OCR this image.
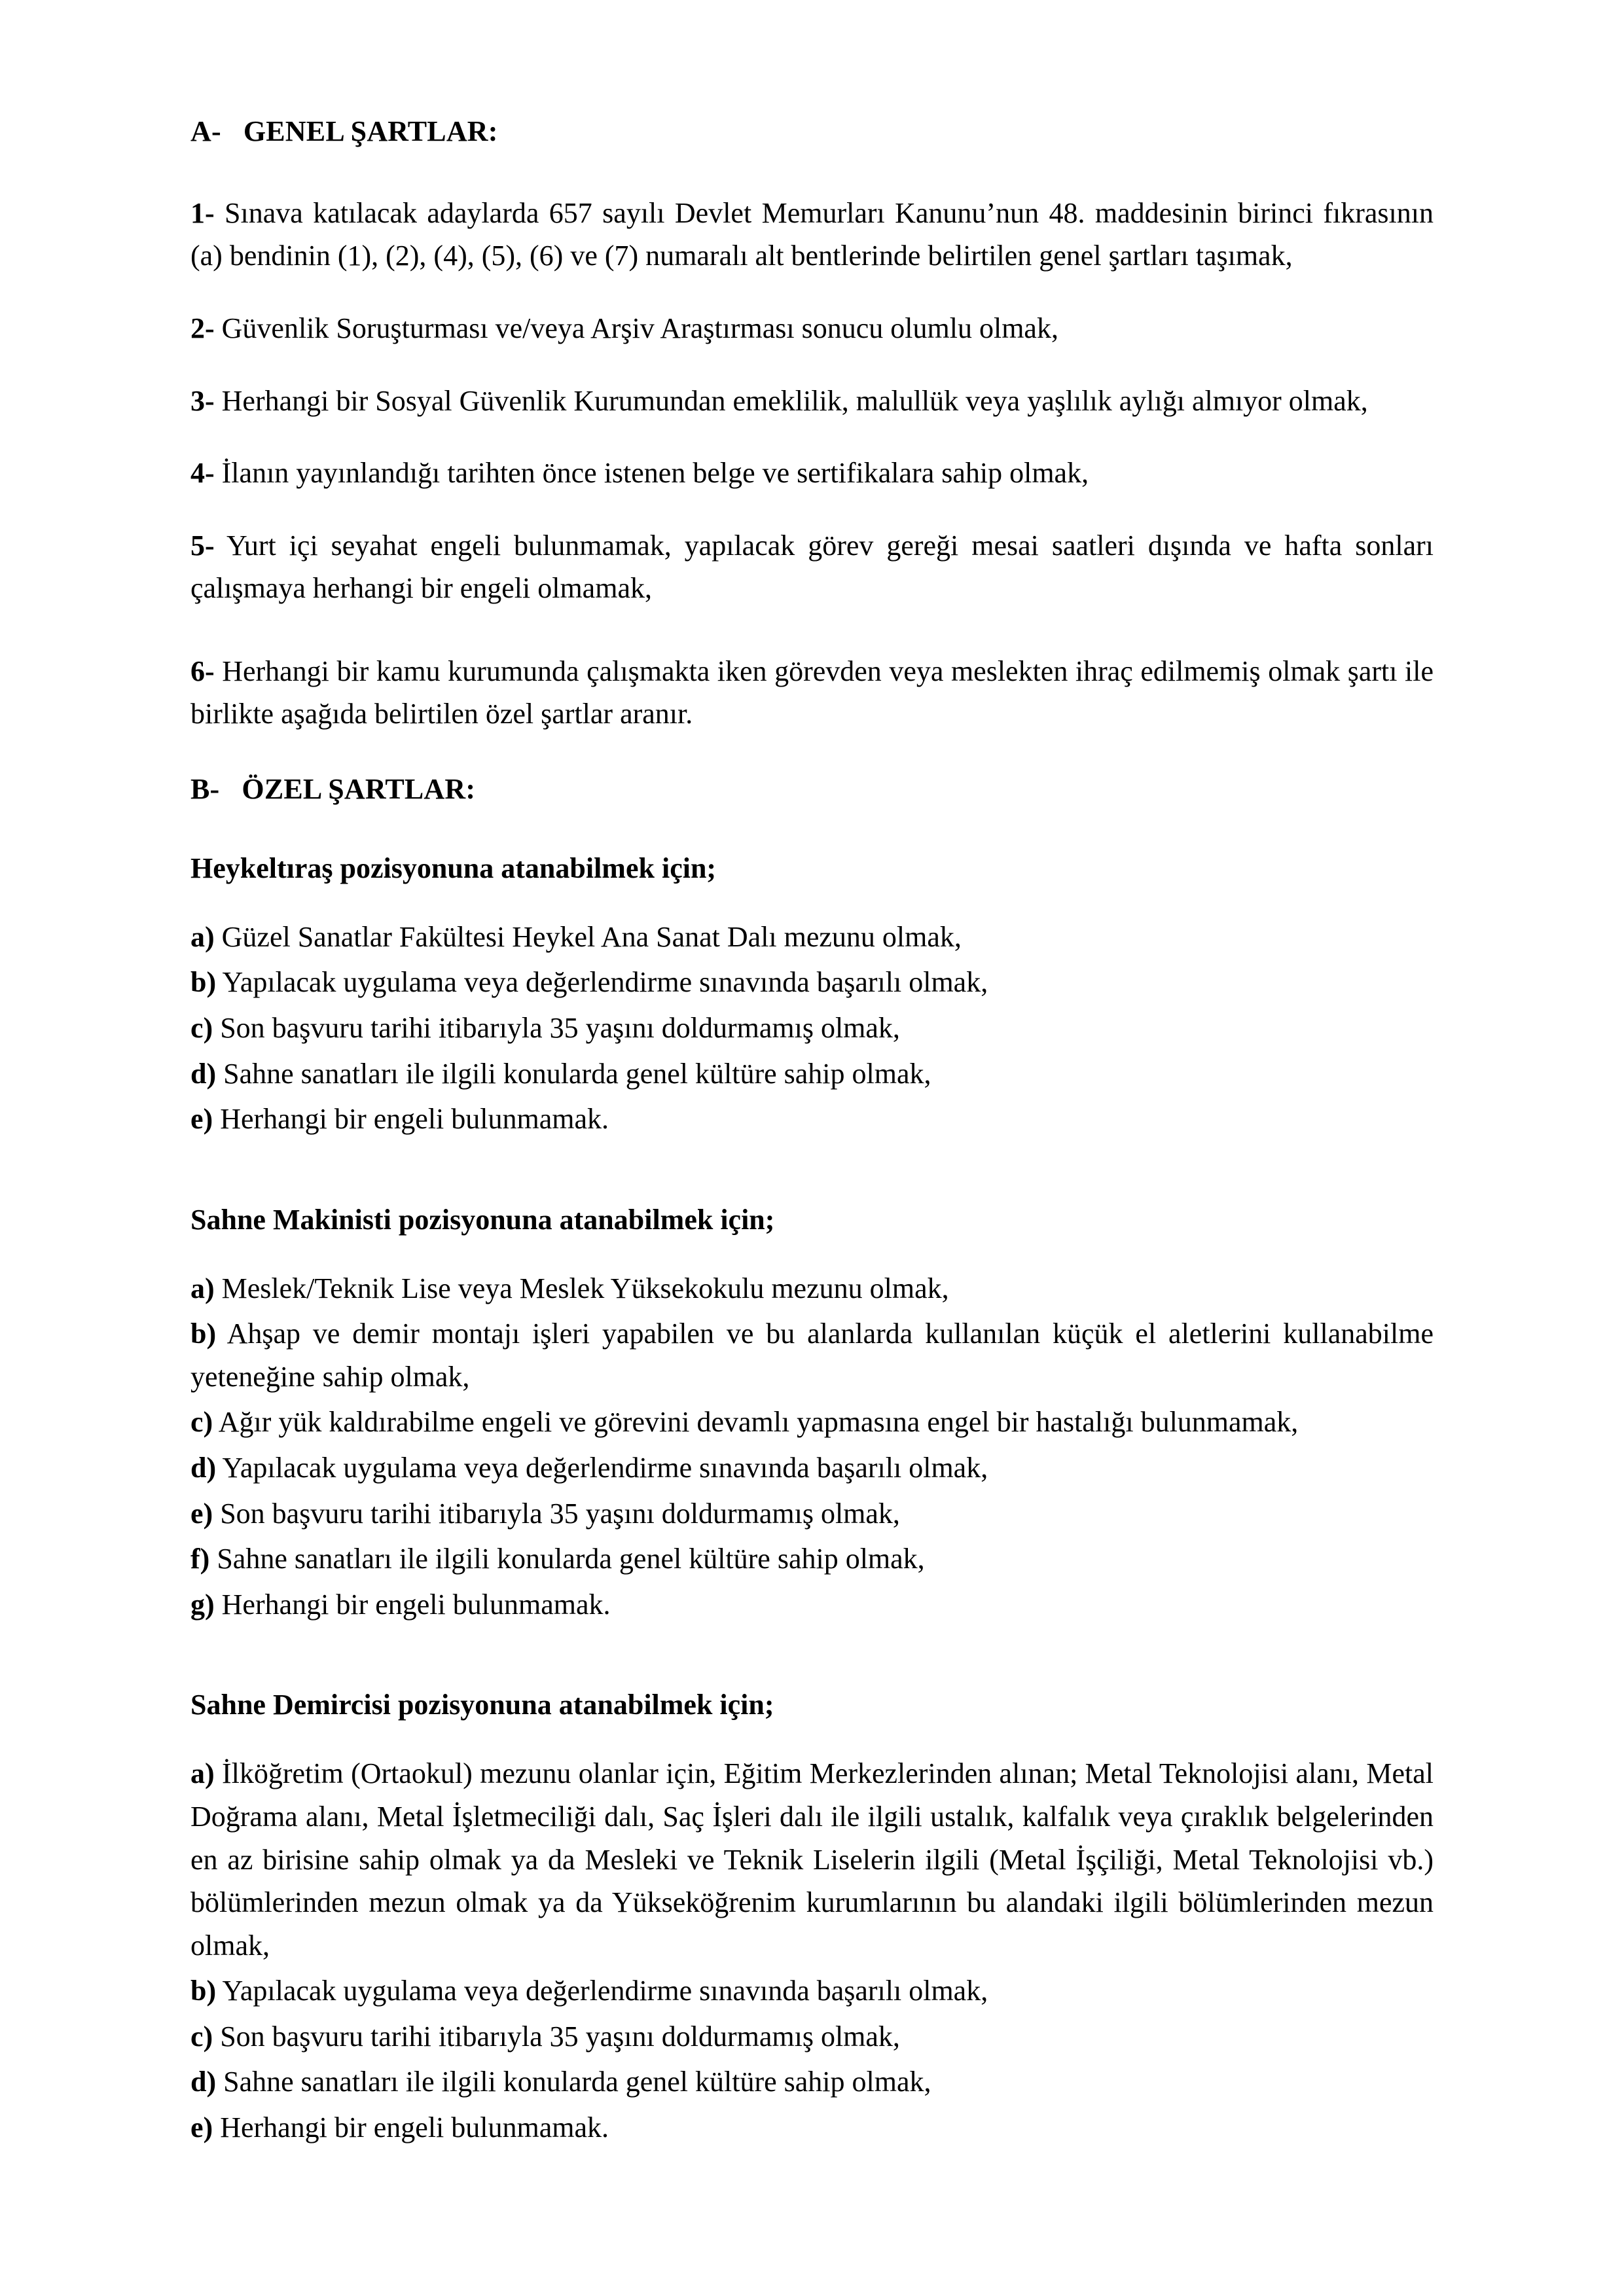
A- GENEL ŞARTLAR:

1- Sınava katılacak adaylarda 657 sayılı Devlet Memurları Kanunu’nun 48. maddesinin birinci fıkrasının (a) bendinin (1), (2), (4), (5), (6) ve (7) numaralı alt bentlerinde belirtilen genel şartları taşımak,

2- Güvenlik Soruşturması ve/veya Arşiv Araştırması sonucu olumlu olmak,

3- Herhangi bir Sosyal Güvenlik Kurumundan emeklilik, malullük veya yaşlılık aylığı almıyor olmak,

4- İlanın yayınlandığı tarihten önce istenen belge ve sertifikalara sahip olmak,

5- Yurt içi seyahat engeli bulunmamak, yapılacak görev gereği mesai saatleri dışında ve hafta sonları çalışmaya herhangi bir engeli olmamak,

6- Herhangi bir kamu kurumunda çalışmakta iken görevden veya meslekten ihraç edilmemiş olmak şartı ile birlikte aşağıda belirtilen özel şartlar aranır.

B- ÖZEL ŞARTLAR:
Heykeltıraş pozisyonuna atanabilmek için;
a) Güzel Sanatlar Fakültesi Heykel Ana Sanat Dalı mezunu olmak,
b) Yapılacak uygulama veya değerlendirme sınavında başarılı olmak,
c) Son başvuru tarihi itibarıyla 35 yaşını doldurmamış olmak,
d) Sahne sanatları ile ilgili konularda genel kültüre sahip olmak,
e) Herhangi bir engeli bulunmamak.
Sahne Makinisti pozisyonuna atanabilmek için;
a) Meslek/Teknik Lise veya Meslek Yüksekokulu mezunu olmak,
b) Ahşap ve demir montajı işleri yapabilen ve bu alanlarda kullanılan küçük el aletlerini kullanabilme yeteneğine sahip olmak,
c) Ağır yük kaldırabilme engeli ve görevini devamlı yapmasına engel bir hastalığı bulunmamak,
d) Yapılacak uygulama veya değerlendirme sınavında başarılı olmak,
e) Son başvuru tarihi itibarıyla 35 yaşını doldurmamış olmak,
f) Sahne sanatları ile ilgili konularda genel kültüre sahip olmak,
g) Herhangi bir engeli bulunmamak.
Sahne Demircisi pozisyonuna atanabilmek için;
a) İlköğretim (Ortaokul) mezunu olanlar için, Eğitim Merkezlerinden alınan; Metal Teknolojisi alanı, Metal Doğrama alanı, Metal İşletmeciliği dalı, Saç İşleri dalı ile ilgili ustalık, kalfalık veya çıraklık belgelerinden en az birisine sahip olmak ya da Mesleki ve Teknik Liselerin ilgili (Metal İşçiliği, Metal Teknolojisi vb.) bölümlerinden mezun olmak ya da Yükseköğrenim kurumlarının bu alandaki ilgili bölümlerinden mezun olmak,
b) Yapılacak uygulama veya değerlendirme sınavında başarılı olmak,
c) Son başvuru tarihi itibarıyla 35 yaşını doldurmamış olmak,
d) Sahne sanatları ile ilgili konularda genel kültüre sahip olmak,
e) Herhangi bir engeli bulunmamak.
